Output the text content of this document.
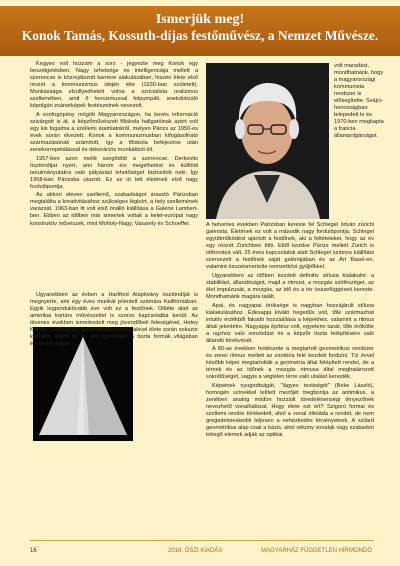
Ismerjük meg!
Konok Tamás, Kossuth-díjas festőművész, a Nemzet Művésze.

Kegyes volt hozzám a sors - jegyezte meg Konok egy beszélgetésben. Nagy tehetsége és intelligenciája mellett a szerencse is közrejátszott karriere alakulásában, hiszen élete első részét a kommunizmus idején élte (1930-ban született). Munkássága elsüllyedhetett volna a szocialista realizmus szellemében, amit ő heroizmussal felpumpált, anekdotizáló képolgári zsánerképek festészetnek nevezett.

A vonfogópény mögött Magyarországon, ha kevés információ szivárgott is át, a képzőművészeti főiskola hallgatóinak azért volt egy kis fogalma a szellemi áramlatokról, melyen Párizs az 1950-es évek során élvezett. Konok a kommunizmusban kifogásolható származásúnak számított, így a főiskola befejezése után zenekorrepetálással és dekorációs munkákból élt.

1957-ben azon mellé szegődött a szerencse. Derkovits ösztöndíjat nyert, ami három évi megélhetést és külföldi tanulmányutakra való pályázási lehetőséget biztosított neki. Így 1958-ban Párizsba utazott. Ez az út lett életének első nagy fordulópontja.

Az akkori eleven szellemű, szabadságot árasztó Párizsban megtalálta a kreativitásához szükséges légkört, a hely szellemének varázsát. 1963-ban itt volt első önálló kiállítása a Galerie Lambert-ben. Ebben az időben már ismertek voltak a kelet-európai nagy konstruktív művészek, mint Moholy-Nagy, Vasarely és Schoeffer.

Ugyanebben az évben a Hartford Alapítvány ösztöndíját is megnyerte, ami egy éves munkát jelentett számára Kaliforniában. Egyik legproduktívabb éve volt ez a festőnek. Ottléte alatt az amerikai kortárs művészettel is szoros kapcsolatba került. Az ötvenes években ismerkedett meg jövendőbeli feleségével, Hetey Katalin (1924-2010) szobrászművésszel, akivel élete során sokszor közösen állított ki, és aki úgyszintén a tiszta formák világában érezte jól magát.

volt maradást, mondhatnánk, hogy a magyarországi kommunista rendszer is elősegítette. Svájci-honosságban telepedett le és 1970-ben megkapta a francia állampolgárságot.

A hetvenes években Párizsban kereste fel Schlegel István zürichi galerista. Életének ez volt a második nagy fordulópontja. Schlegel együttműködést ajánlott a festőnek, aki a feltételeket, hogy az év egy részét Zürichben tölti. Ettől kezdve Párizs mellett Zürich is otthonává vált. 25 éves kapcsolatuk alatt Schlegel számos kiállítást szervezett a festőnek saját galériájában és az Art Basel-en, valamint összeismertette nemzetközi gyűjtőkkel.

Ugyanebben az időben kezdett definitív stílusa kialakulni: a stabilitást, állandóságot, majd a ritmust, a mozgás szöfészéget, az élet impulzusát, a mozgás, az idő és a tér összefüggéseit kereste. Mondhatnánk magára talált.

Apai, és nagyapai öröksége is nagyban hozzájárult stílusa kialakulásához. Édesapja kiváló hegedűs volt, tőle származhat intuitív érzékből fakadó hozzáállása a képekhez, valamint a ritmus általi jelenlétre. Nagyapja építész volt, egyetemi tanár, tőle örökölte a rajzhoz való vonzódást és a képzőr tiszta felépítésére való állandó törekvését.

A 80-as években festészete a megtartott geometrikus rendszer és zenei ritmus mellett az ezotéria felé kezdett fordulni. Tíz évvel később képei megtartották a geometria által felépített rendet, de a térnek és az időnek a mozgás ritmusa által meghatározott sokrétűségét, vagyis a végtelen térre való utalást keresték.

Képeinek nyugodtságát, "lágyes testiségét" (Beke László), homogén színekkel telített mezőjét megbontja az antimikus, a zenében analóg módon hozzáilt töredelésenségi tényezőnek nevezhető vonalhálózat. Hogy élete ezt ért? Szigorú formai és szellemi rendre törekedett, ahol a vonal ölteláda a rendet, de nem gregedelmeskedik teljesen a nehézkedés törvényeinek. A szilárd geometrikus alap csak a bázis, ahol vékony vonalak vagy szabadon lebegő elemek adják az optikai

16	2018. ŐSZI KIADÁS	MAGYARHÁZ FÜGGETLEN HÍRMONDÓ
